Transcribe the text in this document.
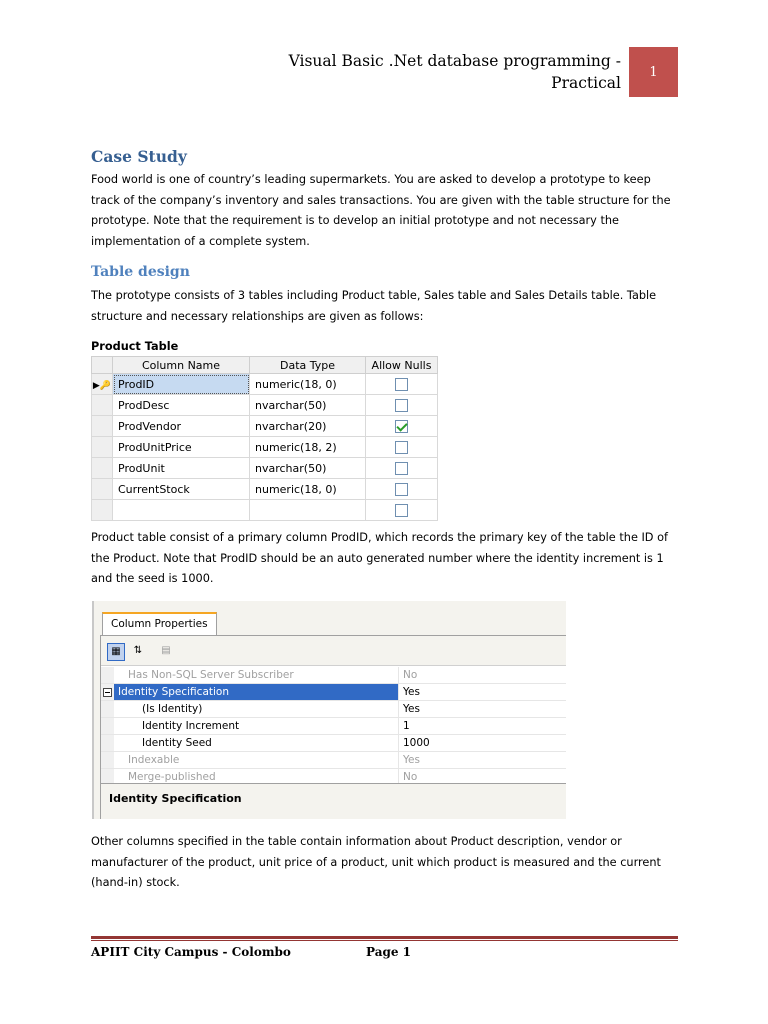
Visual Basic .Net database programming -
Practical
1
Case Study
Food world is one of country’s leading supermarkets. You are asked to develop a prototype to keep
track of the company’s inventory and sales transactions. You are given with the table structure for the
prototype. Note that the requirement is to develop an initial prototype and not necessary the
implementation of a complete system.
Table design
The prototype consists of 3 tables including Product table, Sales table and Sales Details table. Table
structure and necessary relationships are given as follows:
Product Table
	Column Name	Data Type	Allow Nulls
▶🔑	ProdID	numeric(18, 0)	
	ProdDesc	nvarchar(50)	
	ProdVendor	nvarchar(20)	
	ProdUnitPrice	numeric(18, 2)	
	ProdUnit	nvarchar(50)	
	CurrentStock	numeric(18, 0)	

Product table consist of a primary column ProdID, which records the primary key of the table the ID of
the Product. Note that ProdID should be an auto generated number where the identity increment is 1
and the seed is 1000.
Column Properties
▦	⇅	▤
Has Non-SQL Server Subscriber	No
Identity Specification	Yes
(Is Identity)	Yes
Identity Increment	1
Identity Seed	1000
Indexable	Yes
Merge-published	No
Identity Specification
Other columns specified in the table contain information about Product description, vendor or
manufacturer of the product, unit price of a product, unit which product is measured and the current
(hand-in) stock.
APIIT City Campus - Colombo	Page 1
